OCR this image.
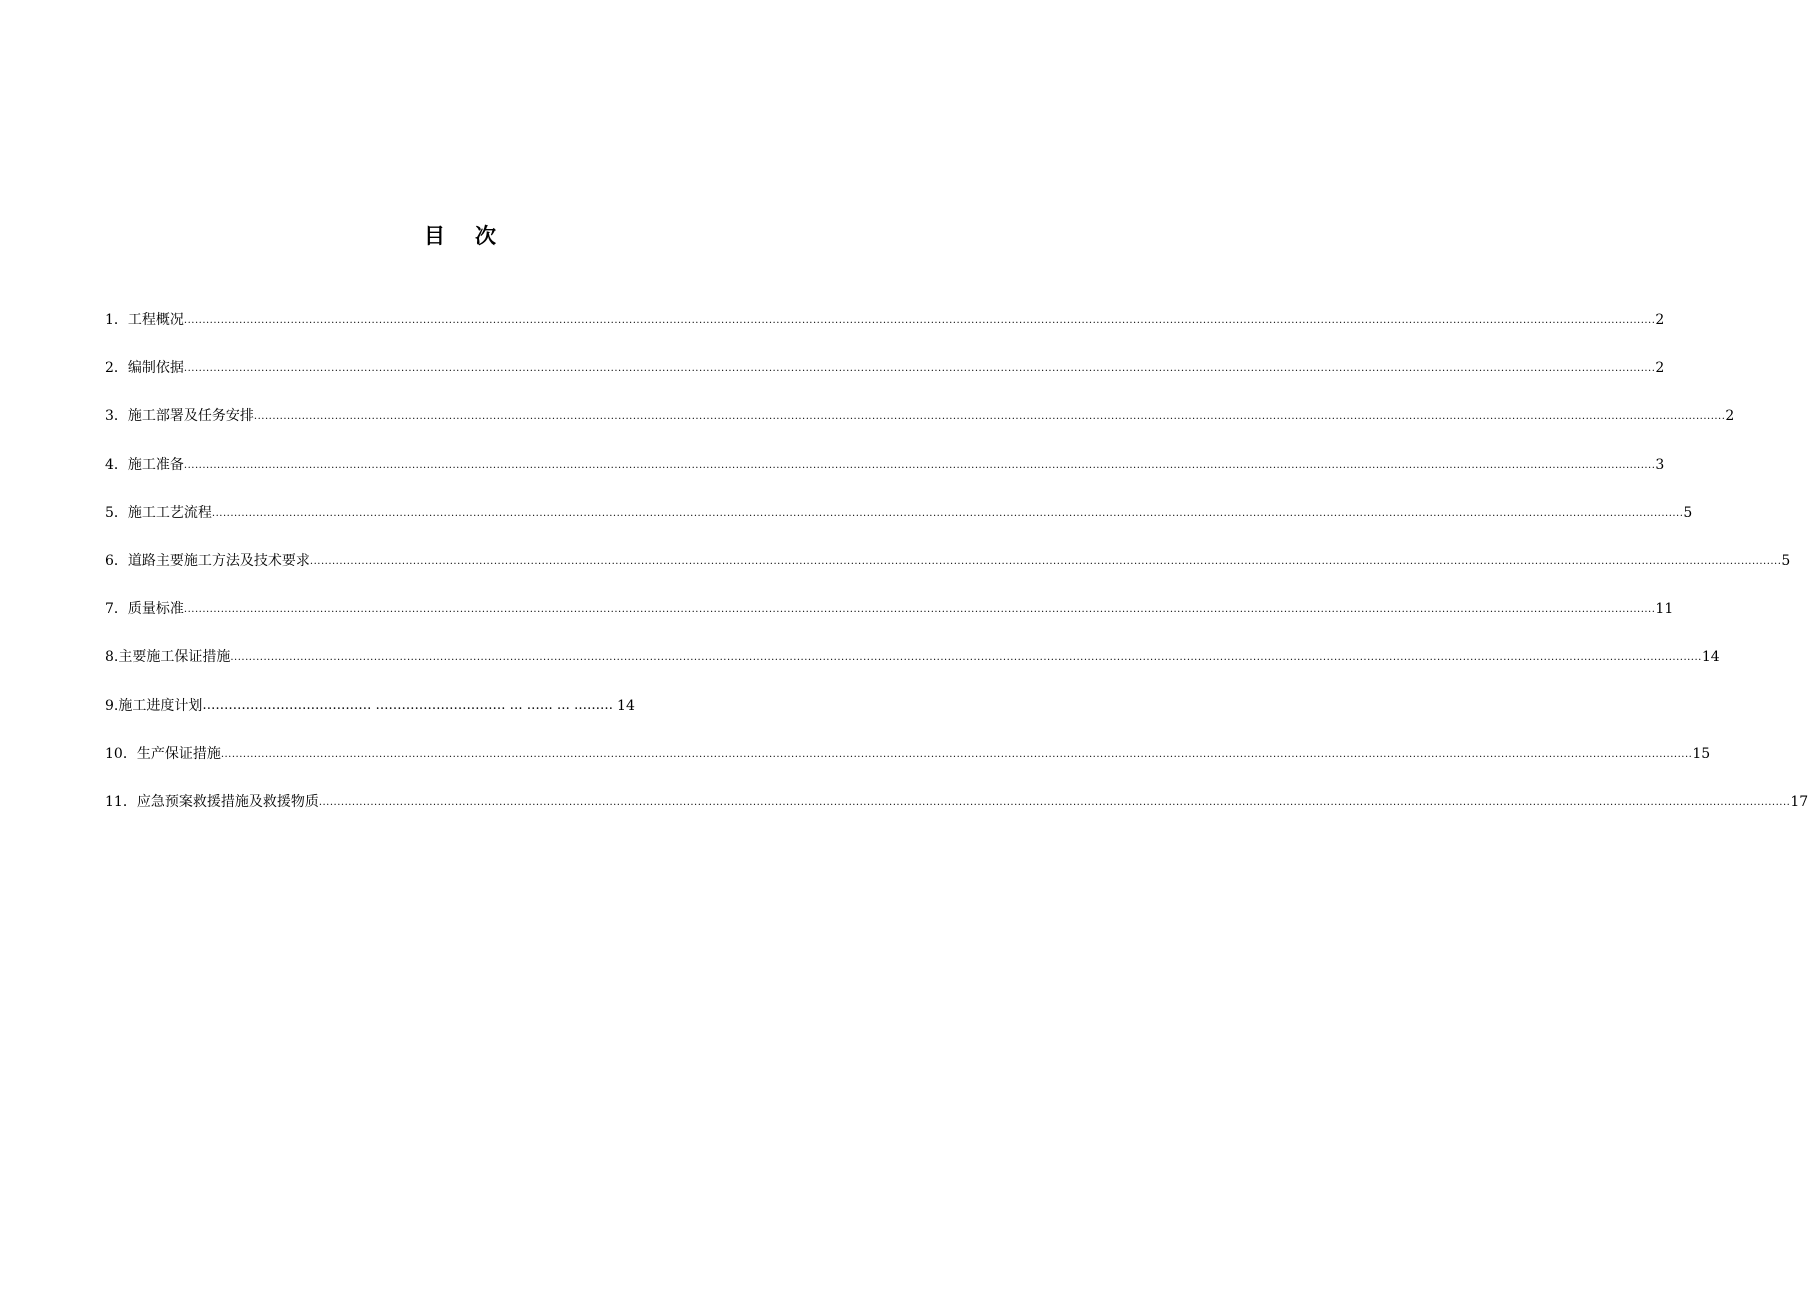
目 次
1． 工程概况 ................................................................................................................................................................................................................................................................................................................................................................................................................ 2
2． 编制依据 ................................................................................................................................................................................................................................................................................................................................................................................................................ 2
3． 施工部署及任务安排 ................................................................................................................................................................................................................................................................................................................................................................................................................ 2
4． 施工准备 ................................................................................................................................................................................................................................................................................................................................................................................................................ 3
5． 施工工艺流程 ................................................................................................................................................................................................................................................................................................................................................................................................................ 5
6． 道路主要施工方法及技术要求 ................................................................................................................................................................................................................................................................................................................................................................................................................ 5
7． 质量标准 ................................................................................................................................................................................................................................................................................................................................................................................................................ 11
8. 主要施工保证措施 ................................................................................................................................................................................................................................................................................................................................................................................................................ 14
9. 施工进度计划 ………………………………… ………………………… … …… … ……… 14
10． 生产保证措施 ................................................................................................................................................................................................................................................................................................................................................................................................................ 15
11． 应急预案救援措施及救援物质 ................................................................................................................................................................................................................................................................................................................................................................................................................ 17
